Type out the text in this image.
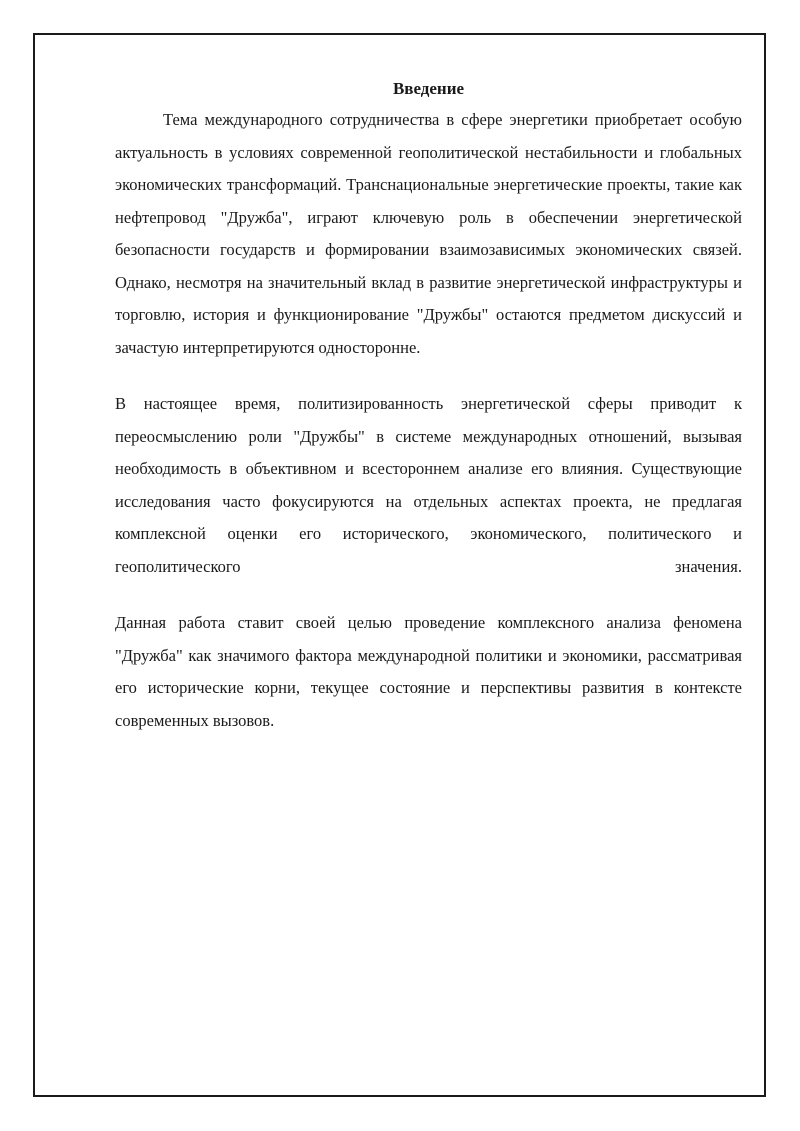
Введение

Тема международного сотрудничества в сфере энергетики приобретает особую актуальность в условиях современной геополитической нестабильности и глобальных экономических трансформаций. Транснациональные энергетические проекты, такие как нефтепровод "Дружба", играют ключевую роль в обеспечении энергетической безопасности государств и формировании взаимозависимых экономических связей. Однако, несмотря на значительный вклад в развитие энергетической инфраструктуры и торговлю, история и функционирование "Дружбы" остаются предметом дискуссий и зачастую интерпретируются односторонне.

В настоящее время, политизированность энергетической сферы приводит к переосмыслению роли "Дружбы" в системе международных отношений, вызывая необходимость в объективном и всестороннем анализе его влияния. Существующие исследования часто фокусируются на отдельных аспектах проекта, не предлагая комплексной оценки его исторического, экономического, политического и геополитического значения.

Данная работа ставит своей целью проведение комплексного анализа феномена "Дружба" как значимого фактора международной политики и экономики, рассматривая его исторические корни, текущее состояние и перспективы развития в контексте современных вызовов.
